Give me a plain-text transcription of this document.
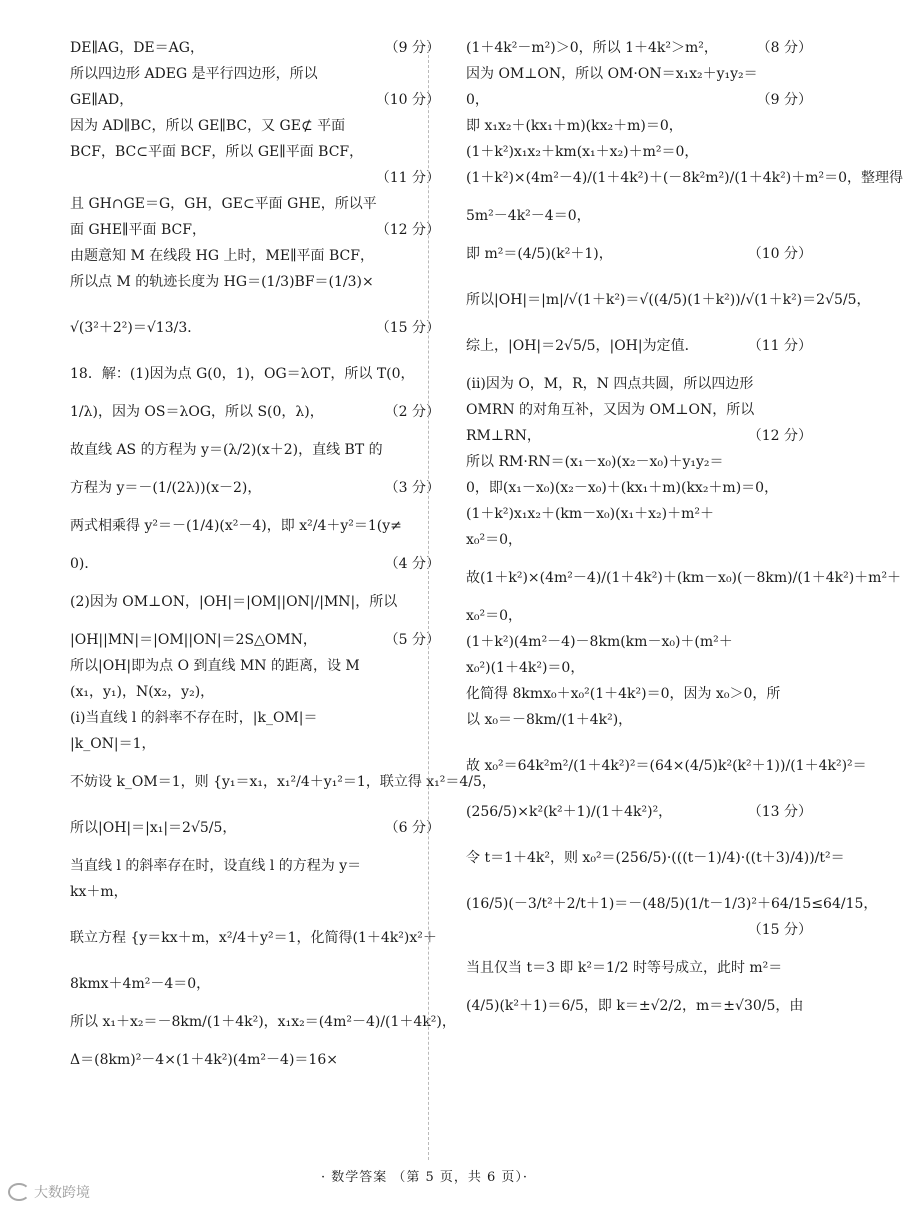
DE∥AG，DE＝AG，	（9 分）
所以四边形 ADEG 是平行四边形，所以
GE∥AD，	（10 分）
因为 AD∥BC，所以 GE∥BC，又 GE⊄ 平面
BCF，BC⊂平面 BCF，所以 GE∥平面 BCF，
（11 分）
且 GH∩GE＝G，GH，GE⊂平面 GHE，所以平
面 GHE∥平面 BCF，	（12 分）
由题意知 M 在线段 HG 上时，ME∥平面 BCF，
所以点 M 的轨迹长度为 HG＝(1/3)BF＝(1/3)×
√(3²＋2²)＝√13/3．	（15 分）
18．解：(1)因为点 G(0，1)，OG＝λOT，所以 T(0，
1/λ)，因为 OS＝λOG，所以 S(0，λ)，	（2 分）
故直线 AS 的方程为 y＝(λ/2)(x＋2)，直线 BT 的
方程为 y＝－(1/(2λ))(x－2)，	（3 分）
两式相乘得 y²＝－(1/4)(x²－4)，即 x²/4＋y²＝1(y≠
0)．	（4 分）
(2)因为 OM⊥ON，|OH|＝|OM||ON|/|MN|，所以
|OH||MN|＝|OM||ON|＝2S△OMN，	（5 分）
所以|OH|即为点 O 到直线 MN 的距离，设 M
(x₁，y₁)，N(x₂，y₂)，
(ⅰ)当直线 l 的斜率不存在时，|k_OM|＝
|k_ON|＝1，
不妨设 k_OM＝1，则 {y₁＝x₁，x₁²/4＋y₁²＝1，联立得 x₁²＝4/5，
所以|OH|＝|x₁|＝2√5/5，	（6 分）
当直线 l 的斜率存在时，设直线 l 的方程为 y＝
kx＋m，
联立方程 {y＝kx＋m，x²/4＋y²＝1，化简得(1＋4k²)x²＋
8kmx＋4m²－4＝0，
所以 x₁＋x₂＝－8km/(1＋4k²)，x₁x₂＝(4m²－4)/(1＋4k²)，
Δ＝(8km)²－4×(1＋4k²)(4m²－4)＝16×
(1＋4k²－m²)＞0，所以 1＋4k²＞m²，	（8 分）
因为 OM⊥ON，所以 OM·ON＝x₁x₂＋y₁y₂＝
0，	（9 分）
即 x₁x₂＋(kx₁＋m)(kx₂＋m)＝0，
(1＋k²)x₁x₂＋km(x₁＋x₂)＋m²＝0，
(1＋k²)×(4m²－4)/(1＋4k²)＋(－8k²m²)/(1＋4k²)＋m²＝0，整理得
5m²－4k²－4＝0，
即 m²＝(4/5)(k²＋1)，	（10 分）
所以|OH|＝|m|/√(1＋k²)＝√((4/5)(1＋k²))/√(1＋k²)＝2√5/5，
综上，|OH|＝2√5/5，|OH|为定值．	（11 分）
(ⅱ)因为 O，M，R，N 四点共圆，所以四边形
OMRN 的对角互补，又因为 OM⊥ON，所以
RM⊥RN，	（12 分）
所以 RM·RN＝(x₁－x₀)(x₂－x₀)＋y₁y₂＝
0，即(x₁－x₀)(x₂－x₀)＋(kx₁＋m)(kx₂＋m)＝0，
(1＋k²)x₁x₂＋(km－x₀)(x₁＋x₂)＋m²＋
x₀²＝0，
故(1＋k²)×(4m²－4)/(1＋4k²)＋(km－x₀)(－8km)/(1＋4k²)＋m²＋
x₀²＝0，
(1＋k²)(4m²－4)－8km(km－x₀)＋(m²＋
x₀²)(1＋4k²)＝0，
化简得 8kmx₀＋x₀²(1＋4k²)＝0，因为 x₀＞0，所
以 x₀＝－8km/(1＋4k²)，
故 x₀²＝64k²m²/(1＋4k²)²＝(64×(4/5)k²(k²＋1))/(1＋4k²)²＝
(256/5)×k²(k²＋1)/(1＋4k²)²，	（13 分）
令 t＝1＋4k²，则 x₀²＝(256/5)·(((t－1)/4)·((t＋3)/4))/t²＝
(16/5)(－3/t²＋2/t＋1)＝－(48/5)(1/t－1/3)²＋64/15≤64/15，
（15 分）
当且仅当 t＝3 即 k²＝1/2 时等号成立，此时 m²＝
(4/5)(k²＋1)＝6/5，即 k＝±√2/2，m＝±√30/5，由
· 数学答案 （第 5 页，共 6 页）·
大数跨境
